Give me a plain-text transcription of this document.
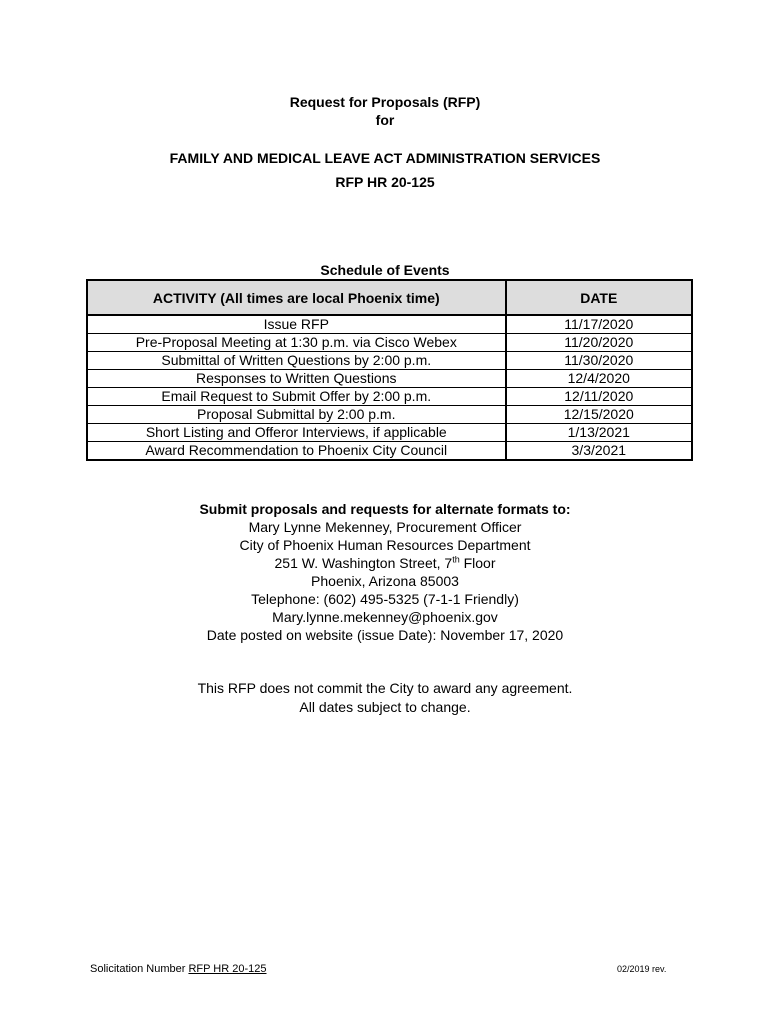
Request for Proposals (RFP)
for
FAMILY AND MEDICAL LEAVE ACT ADMINISTRATION SERVICES
RFP HR 20-125
Schedule of Events
ACTIVITY (All times are local Phoenix time)	DATE
Issue RFP	11/17/2020
Pre-Proposal Meeting at 1:30 p.m. via Cisco Webex	11/20/2020
Submittal of Written Questions by 2:00 p.m.	11/30/2020
Responses to Written Questions	12/4/2020
Email Request to Submit Offer by 2:00 p.m.	12/11/2020
Proposal Submittal by 2:00 p.m.	12/15/2020
Short Listing and Offeror Interviews, if applicable	1/13/2021
Award Recommendation to Phoenix City Council	3/3/2021
Submit proposals and requests for alternate formats to:
Mary Lynne Mekenney, Procurement Officer
City of Phoenix Human Resources Department
251 W. Washington Street, 7th Floor
Phoenix, Arizona 85003
Telephone: (602) 495-5325 (7-1-1 Friendly)
Mary.lynne.mekenney@phoenix.gov
Date posted on website (issue Date): November 17, 2020
This RFP does not commit the City to award any agreement.
All dates subject to change.
Solicitation Number RFP HR 20-125	02/2019 rev.
